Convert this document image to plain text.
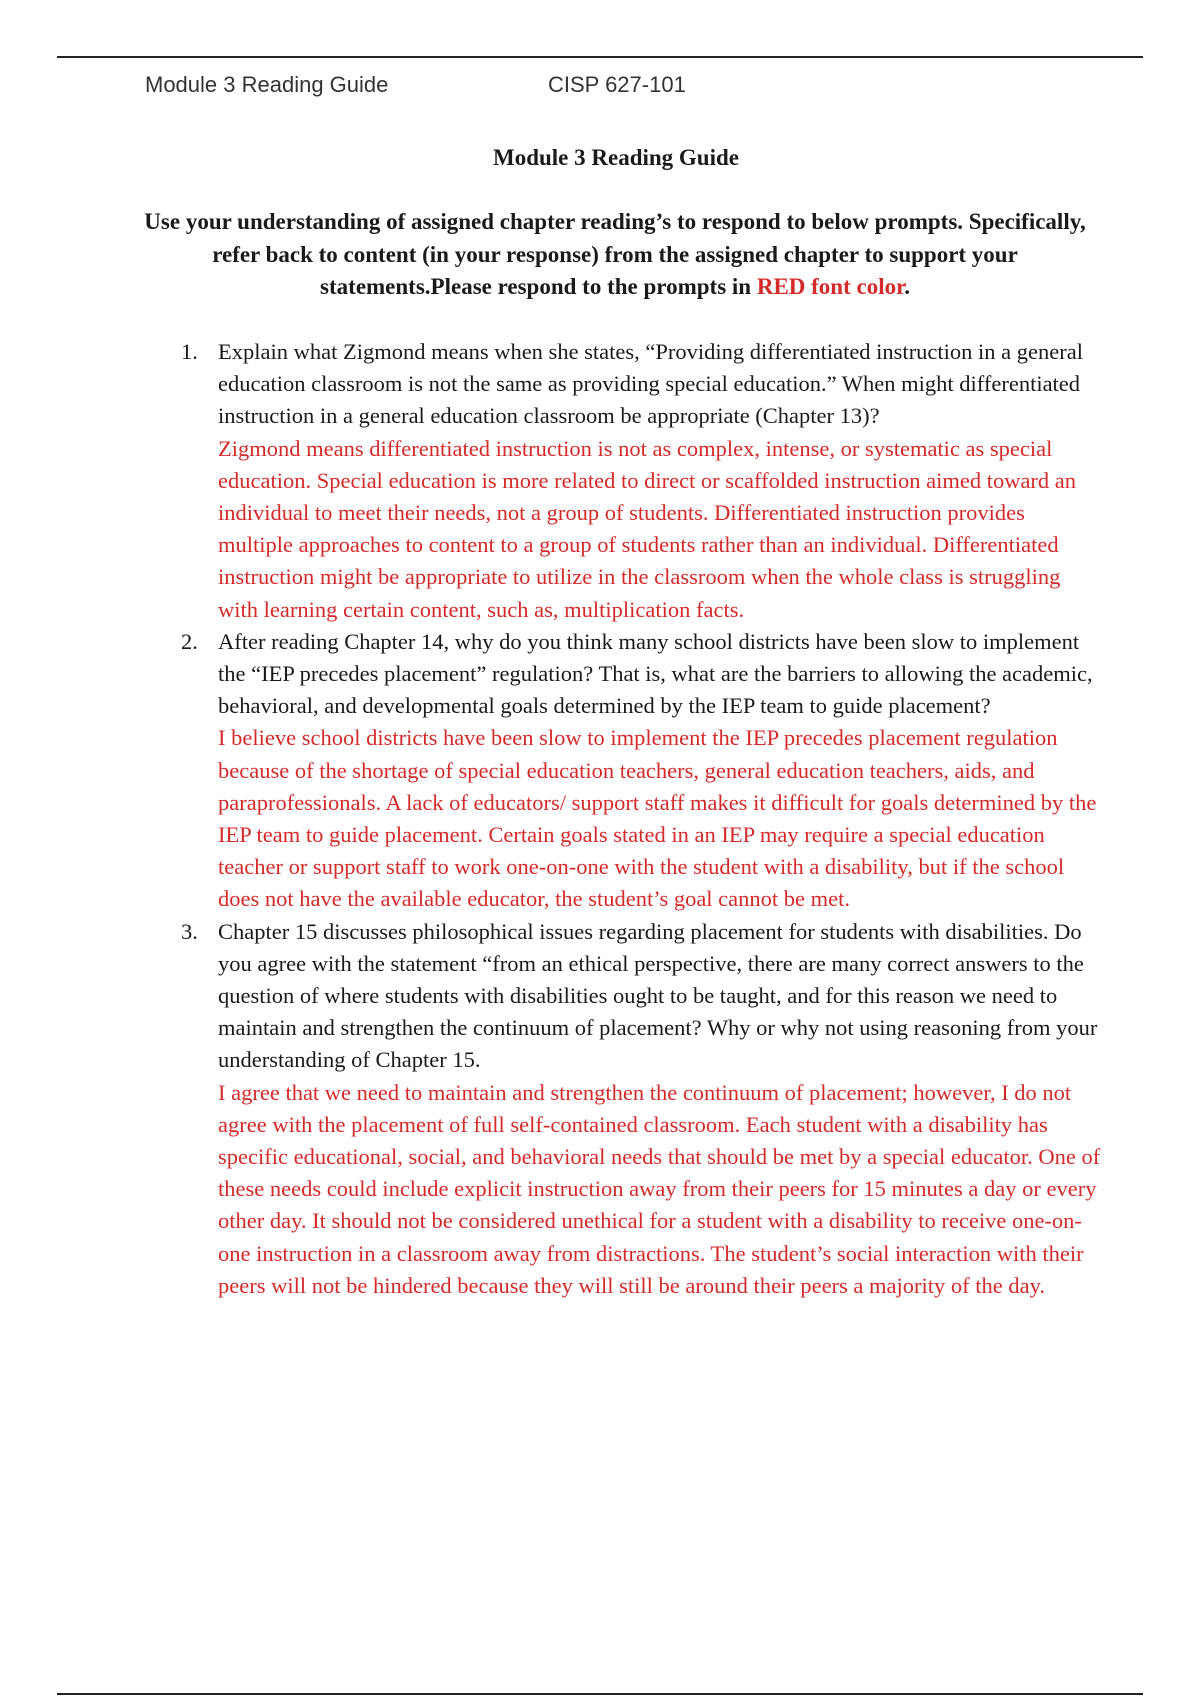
Module 3 Reading Guide	CISP 627-101
Module 3 Reading Guide
Use your understanding of assigned chapter reading’s to respond to below prompts. Specifically, refer back to content (in your response) from the assigned chapter to support your statements.Please respond to the prompts in RED font color.
1. Explain what Zigmond means when she states, “Providing differentiated instruction in a general education classroom is not the same as providing special education.” When might differentiated instruction in a general education classroom be appropriate (Chapter 13)?
Zigmond means differentiated instruction is not as complex, intense, or systematic as special education. Special education is more related to direct or scaffolded instruction aimed toward an individual to meet their needs, not a group of students. Differentiated instruction provides multiple approaches to content to a group of students rather than an individual. Differentiated instruction might be appropriate to utilize in the classroom when the whole class is struggling with learning certain content, such as, multiplication facts.
2. After reading Chapter 14, why do you think many school districts have been slow to implement the “IEP precedes placement” regulation? That is, what are the barriers to allowing the academic, behavioral, and developmental goals determined by the IEP team to guide placement?
I believe school districts have been slow to implement the IEP precedes placement regulation because of the shortage of special education teachers, general education teachers, aids, and paraprofessionals. A lack of educators/ support staff makes it difficult for goals determined by the IEP team to guide placement. Certain goals stated in an IEP may require a special education teacher or support staff to work one-on-one with the student with a disability, but if the school does not have the available educator, the student’s goal cannot be met.
3. Chapter 15 discusses philosophical issues regarding placement for students with disabilities. Do you agree with the statement “from an ethical perspective, there are many correct answers to the question of where students with disabilities ought to be taught, and for this reason we need to maintain and strengthen the continuum of placement? Why or why not using reasoning from your understanding of Chapter 15.
I agree that we need to maintain and strengthen the continuum of placement; however, I do not agree with the placement of full self-contained classroom. Each student with a disability has specific educational, social, and behavioral needs that should be met by a special educator. One of these needs could include explicit instruction away from their peers for 15 minutes a day or every other day. It should not be considered unethical for a student with a disability to receive one-on-one instruction in a classroom away from distractions. The student’s social interaction with their peers will not be hindered because they will still be around their peers a majority of the day.
